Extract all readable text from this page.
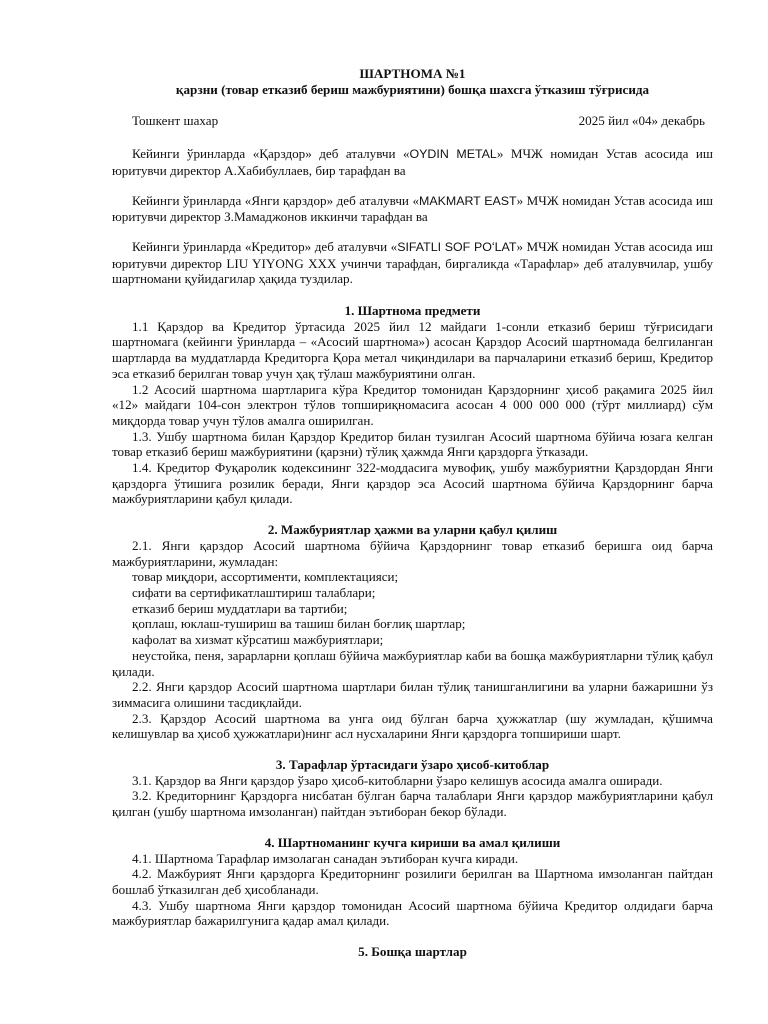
ШАРТНОМА №1
қарзни (товар етказиб бериш мажбуриятини) бошқа шахсга ўтказиш тўғрисида
Тошкент шахар	2025 йил «04» декабрь

Кейинги ўринларда «Қарздор» деб аталувчи «OYDIN METAL» МЧЖ номидан Устав асосида иш юритувчи директор А.Хабибуллаев, бир тарафдан ва

Кейинги ўринларда «Янги қарздор» деб аталувчи «MAKMART EAST» МЧЖ номидан Устав асосида иш юритувчи директор З.Мамаджонов иккинчи тарафдан ва

Кейинги ўринларда «Кредитор» деб аталувчи «SIFATLI SOF POʻLAT» МЧЖ номидан Устав асосида иш юритувчи директор LIU YIYONG ХХХ учинчи тарафдан, биргаликда «Тарафлар» деб аталувчилар, ушбу шартномани қуйидагилар ҳақида туздилар.

1. Шартнома предмети

1.1 Қарздор ва Кредитор ўртасида 2025 йил 12 майдаги 1-сонли етказиб бериш тўғрисидаги шартномага (кейинги ўринларда – «Асосий шартнома») асосан Қарздор Асосий шартномада белгиланган шартларда ва муддатларда Кредиторга Қора метал чиқиндилари ва парчаларини етказиб бериш, Кредитор эса етказиб берилган товар учун ҳақ тўлаш мажбуриятини олган.

1.2 Асосий шартнома шартларига кўра Кредитор томонидан Қарздорнинг ҳисоб рақамига 2025 йил «12» майдаги 104-сон элeктрон тўлов топшириқномасига асосан 4 000 000 000 (тўрт миллиард) сўм миқдорда товар учун тўлов амалга оширилган.

1.3. Ушбу шартнома билан Қарздор Кредитор билан тузилган Асосий шартнома бўйича юзага келган товар етказиб бериш мажбуриятини (қарзни) тўлиқ ҳажмда Янги қарздорга ўтказади.

1.4. Кредитор Фуқаролик кодексининг 322-моддасига мувофиқ, ушбу мажбуриятни Қарздордан Янги қарздорга ўтишига розилик беради, Янги қарздор эса Асосий шартнома бўйича Қарздорнинг барча мажбуриятларини қабул қилади.

2. Мажбуриятлар ҳажми ва уларни қабул қилиш

2.1. Янги қарздор Асосий шартнома бўйича Қарздорнинг товар етказиб беришга оид барча мажбуриятларини, жумладан:

товар миқдори, ассортименти, комплектацияси;

сифати ва сертификатлаштириш талаблари;

етказиб бериш муддатлари ва тартиби;

қоплаш, юклаш-тушириш ва ташиш билан боғлиқ шартлар;

кафолат ва хизмат кўрсатиш мажбуриятлари;

неустойка, пеня, зарарларни қоплаш бўйича мажбуриятлар каби ва бошқа мажбуриятларни тўлиқ қабул қилади.

2.2. Янги қарздор Асосий шартнома шартлари билан тўлиқ танишганлигини ва уларни бажаришни ўз зиммасига олишини тасдиқлайди.

2.3. Қарздор Асосий шартнома ва унга оид бўлган барча ҳужжатлар (шу жумладан, қўшимча келишувлар ва ҳисоб ҳужжатлари)нинг асл нусхаларини Янги қарздорга топшириши шарт.

3. Тарафлар ўртасидаги ўзаро ҳисоб-китоблар

3.1. Қарздор ва Янги қарздор ўзаро ҳисоб-китобларни ўзаро келишув асосида амалга оширади.

3.2. Кредиторнинг Қарздорга нисбатан бўлган барча талаблари Янги қарздор мажбуриятларини қабул қилган (ушбу шартнома имзоланган) пайтдан эътиборан бекор бўлади.

4. Шартноманинг кучга кириши ва амал қилиши

4.1. Шартнома Тарафлар имзолаган санадан эътиборан кучга киради.

4.2. Мажбурият Янги қарздорга Кредиторнинг розилиги берилган ва Шартнома имзоланган пайтдан бошлаб ўтказилган деб ҳисобланади.

4.3. Ушбу шартнома Янги қарздор томонидан Асосий шартнома бўйича Кредитор олдидаги барча мажбуриятлар бажарилгунига қадар амал қилади.

5. Бошқа шартлар
